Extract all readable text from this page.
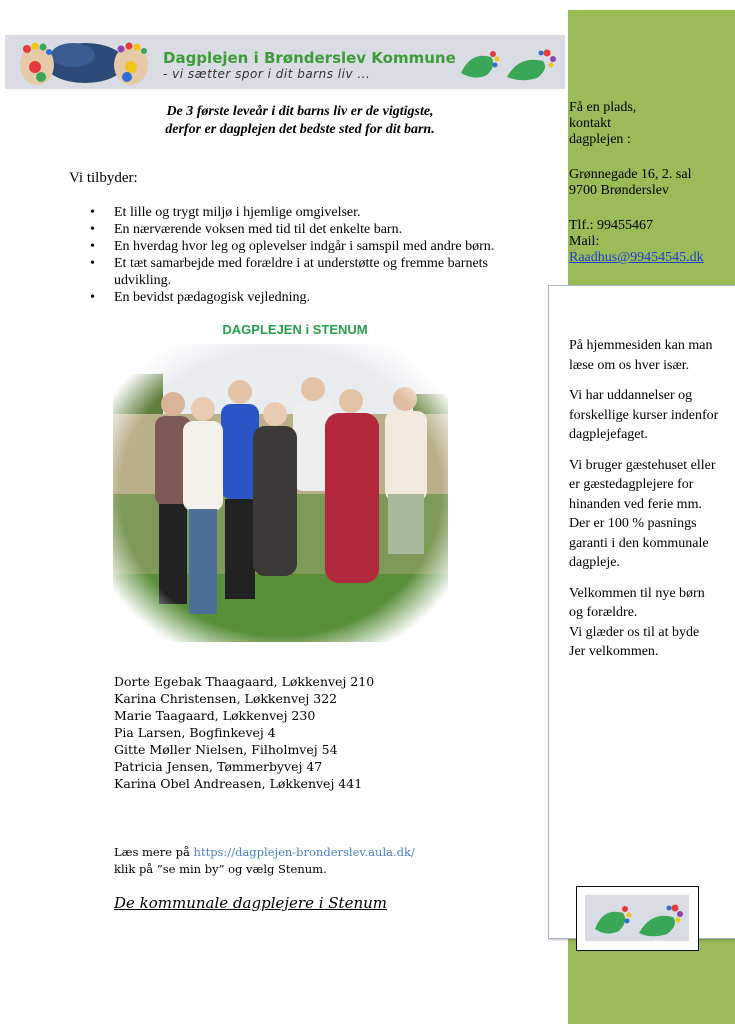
Dagplejen i Brønderslev Kommune
- vi sætter spor i dit barns liv ...
De 3 første leveår i dit barns liv er de vigtigste,
derfor er dagplejen det bedste sted for dit barn.
Vi tilbyder:
• Et lille og trygt miljø i hjemlige omgivelser.
• En nærværende voksen med tid til det enkelte barn.
• En hverdag hvor leg og oplevelser indgår i samspil med andre børn.
• Et tæt samarbejde med forældre i at understøtte og fremme barnets udvikling.
• En bevidst pædagogisk vejledning.
DAGPLEJEN i STENUM
Dorte Egebak Thaagaard, Løkkenvej 210
Karina Christensen, Løkkenvej 322
Marie Taagaard, Løkkenvej 230
Pia Larsen, Bogfinkevej 4
Gitte Møller Nielsen, Filholmvej 54
Patricia Jensen, Tømmerbyvej 47
Karina Obel Andreasen, Løkkenvej 441
Læs mere på https://dagplejen-bronderslev.aula.dk/
klik på ”se min by” og vælg Stenum.
De kommunale dagplejere i Stenum
Få en plads,
kontakt
dagplejen :
Grønnegade 16, 2. sal
9700 Brønderslev
Tlf.: 99455467
Mail:
Raadhus@99454545.dk

På hjemmesiden kan man læse om os hver især.

Vi har uddannelser og forskellige kurser indenfor dagplejefaget.

Vi bruger gæstehuset eller er gæstedagplejere for hinanden ved ferie mm.
Der er 100 % pasnings garanti i den kommunale dagpleje.

Velkommen til nye børn og forældre.
Vi glæder os til at byde Jer velkommen.
